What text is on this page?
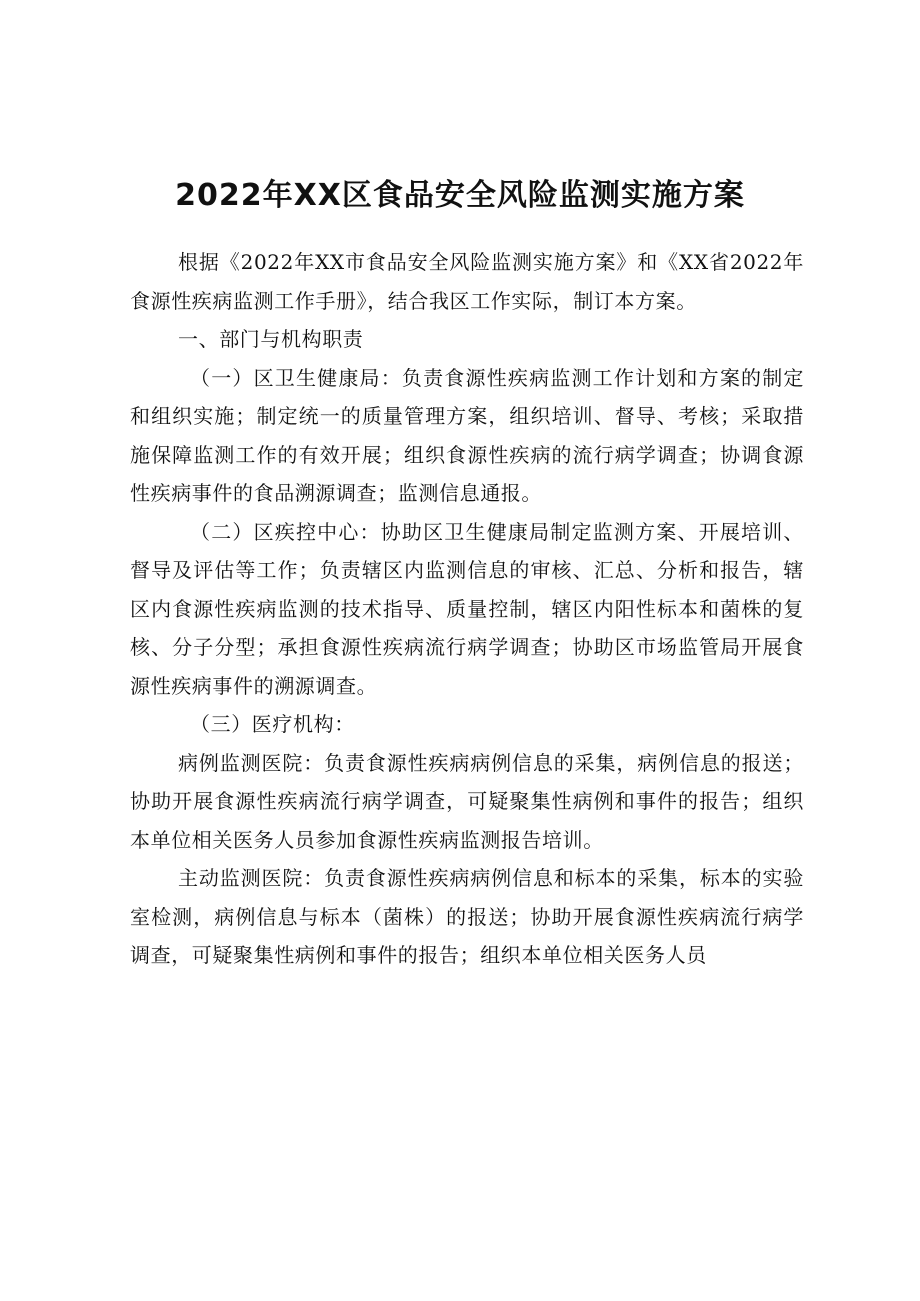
2022年XX区食品安全风险监测实施方案

根据《2022年XX市食品安全风险监测实施方案》和《XX省2022年食源性疾病监测工作手册》，结合我区工作实际，制订本方案。

一、部门与机构职责

（一）区卫生健康局：负责食源性疾病监测工作计划和方案的制定和组织实施；制定统一的质量管理方案，组织培训、督导、考核；采取措施保障监测工作的有效开展；组织食源性疾病的流行病学调查；协调食源性疾病事件的食品溯源调查；监测信息通报。

（二）区疾控中心：协助区卫生健康局制定监测方案、开展培训、督导及评估等工作；负责辖区内监测信息的审核、汇总、分析和报告，辖区内食源性疾病监测的技术指导、质量控制，辖区内阳性标本和菌株的复核、分子分型；承担食源性疾病流行病学调查；协助区市场监管局开展食源性疾病事件的溯源调查。

（三）医疗机构：

病例监测医院：负责食源性疾病病例信息的采集，病例信息的报送；协助开展食源性疾病流行病学调查，可疑聚集性病例和事件的报告；组织本单位相关医务人员参加食源性疾病监测报告培训。

主动监测医院：负责食源性疾病病例信息和标本的采集，标本的实验室检测，病例信息与标本（菌株）的报送；协助开展食源性疾病流行病学调查，可疑聚集性病例和事件的报告；组织本单位相关医务人员
